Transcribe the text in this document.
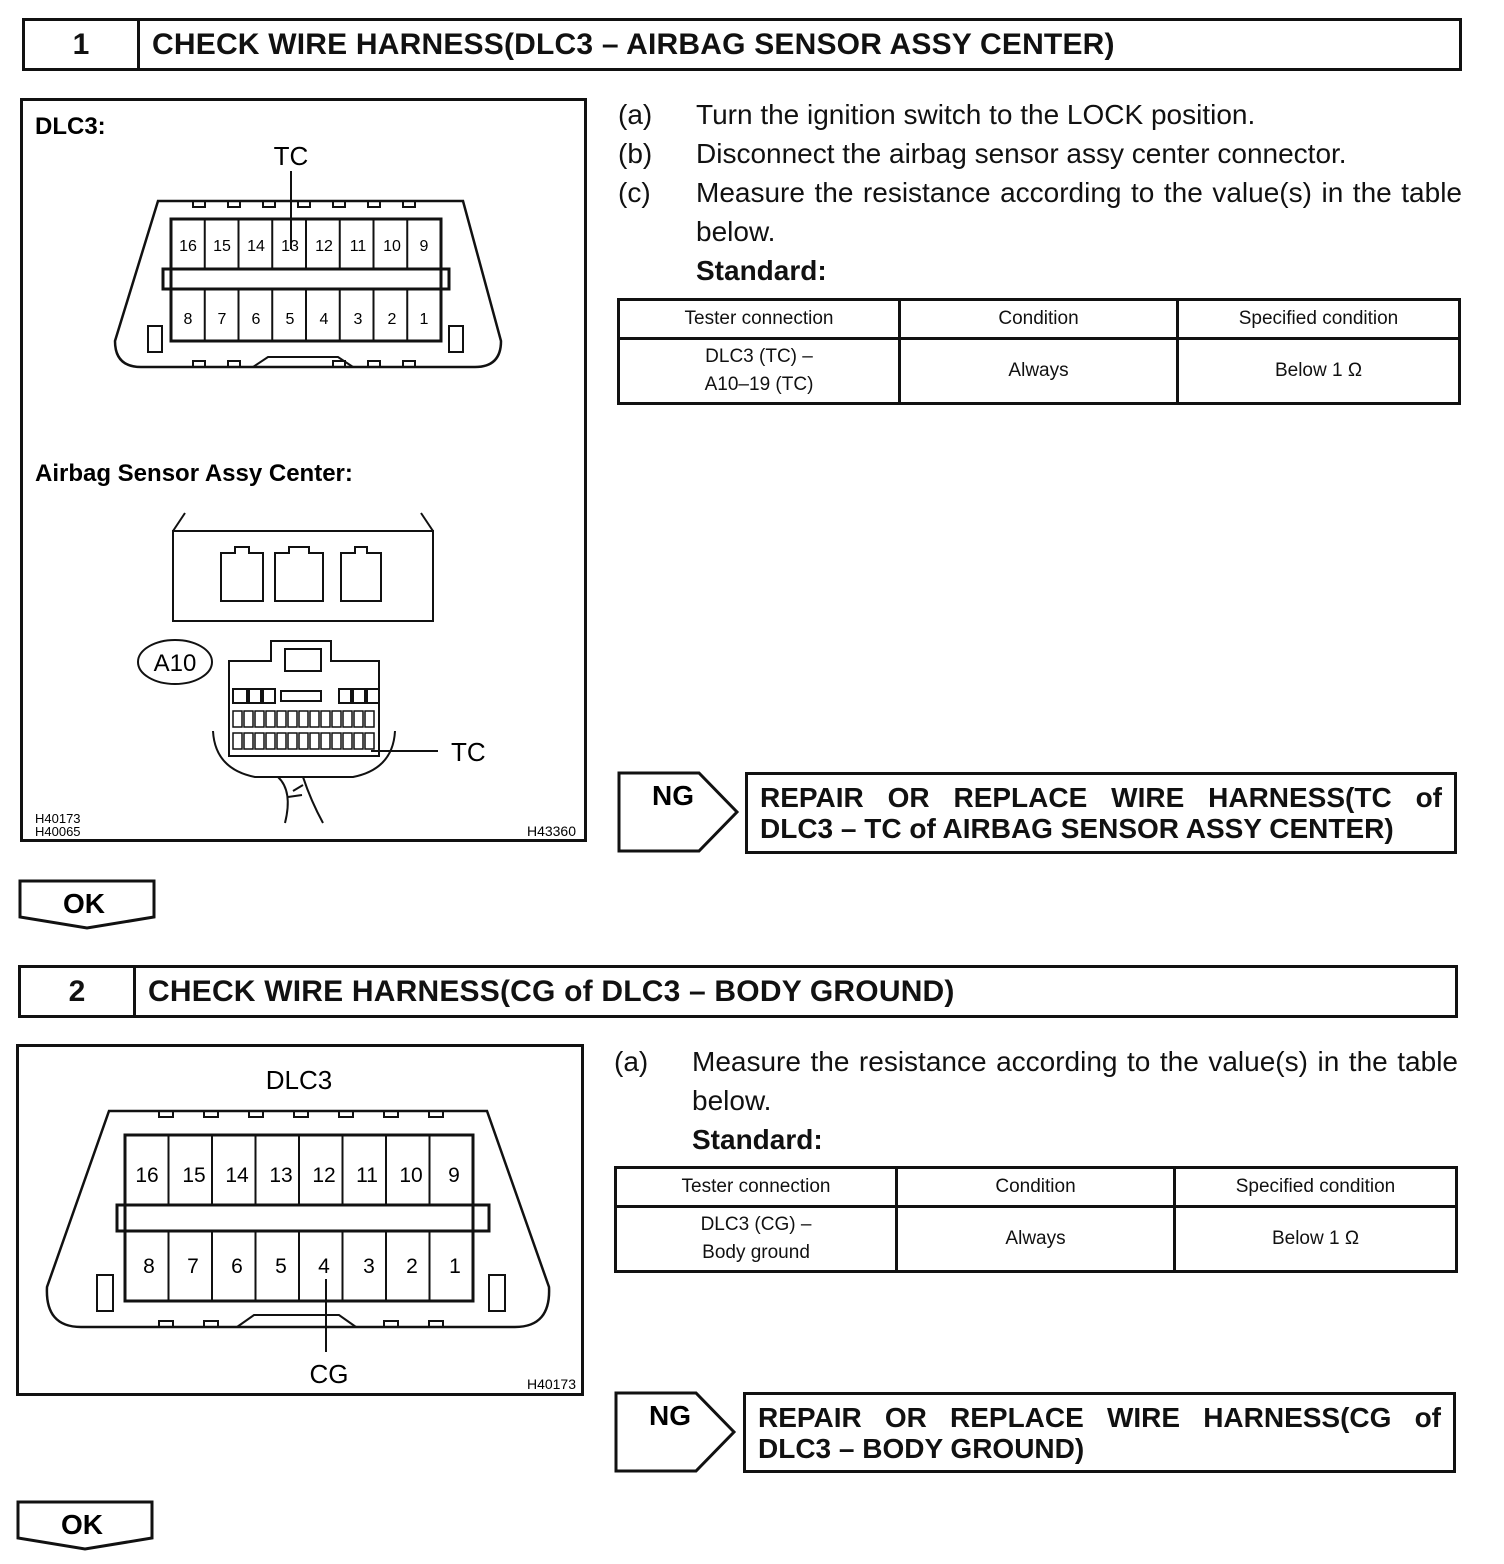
1	CHECK WIRE HARNESS(DLC3 – AIRBAG SENSOR ASSY CENTER)
DLC3:
TC
16 15 14 13 12 11 10 9
8 7 6 5 4 3 2 1
Airbag Sensor Assy Center:
A10
TC
H40173
H40065	H43360
(a)	Turn the ignition switch to the LOCK position.
(b)	Disconnect the airbag sensor assy center connector.
(c)	Measure the resistance according to the value(s) in the table below.
Standard:
Tester connection	Condition	Specified condition

DLC3 (TC) –
A10–19 (TC)	Always	Below 1 Ω
NG REPAIR OR REPLACE WIRE HARNESS(TC of
DLC3 – TC of AIRBAG SENSOR ASSY CENTER)
OK
2	CHECK WIRE HARNESS(CG of DLC3 – BODY GROUND)
DLC3
16 15 14 13 12 11 10 9
8 7 6 5 4 3 2 1
CG	H40173
(a)	Measure the resistance according to the value(s) in the table below.
Standard:
Tester connection	Condition	Specified condition

DLC3 (CG) –
Body ground	Always	Below 1 Ω
NG REPAIR OR REPLACE WIRE HARNESS(CG of
DLC3 – BODY GROUND)
OK
